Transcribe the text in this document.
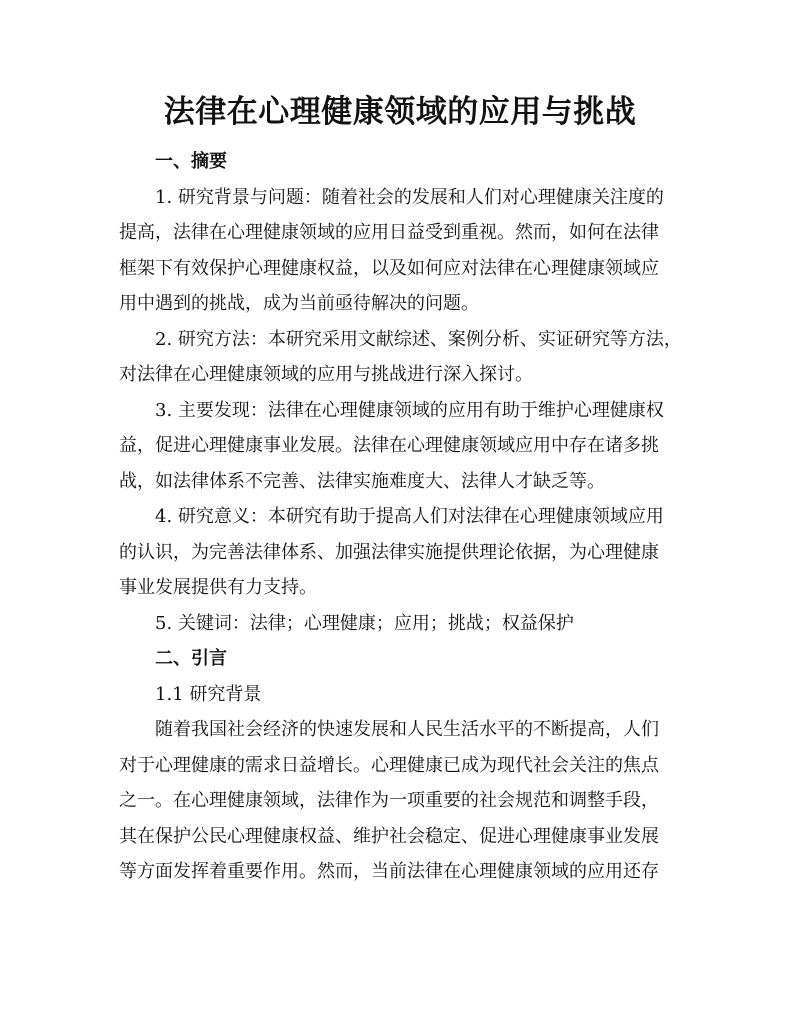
法律在心理健康领域的应用与挑战

一、摘要

1. 研究背景与问题：随着社会的发展和人们对心理健康关注度的
提高，法律在心理健康领域的应用日益受到重视。然而，如何在法律
框架下有效保护心理健康权益，以及如何应对法律在心理健康领域应
用中遇到的挑战，成为当前亟待解决的问题。

2. 研究方法：本研究采用文献综述、案例分析、实证研究等方法，
对法律在心理健康领域的应用与挑战进行深入探讨。

3. 主要发现：法律在心理健康领域的应用有助于维护心理健康权
益，促进心理健康事业发展。法律在心理健康领域应用中存在诸多挑
战，如法律体系不完善、法律实施难度大、法律人才缺乏等。

4. 研究意义：本研究有助于提高人们对法律在心理健康领域应用
的认识，为完善法律体系、加强法律实施提供理论依据，为心理健康
事业发展提供有力支持。

5. 关键词：法律；心理健康；应用；挑战；权益保护

二、引言

1.1 研究背景

随着我国社会经济的快速发展和人民生活水平的不断提高，人们
对于心理健康的需求日益增长。心理健康已成为现代社会关注的焦点
之一。在心理健康领域，法律作为一项重要的社会规范和调整手段，
其在保护公民心理健康权益、维护社会稳定、促进心理健康事业发展
等方面发挥着重要作用。然而，当前法律在心理健康领域的应用还存
